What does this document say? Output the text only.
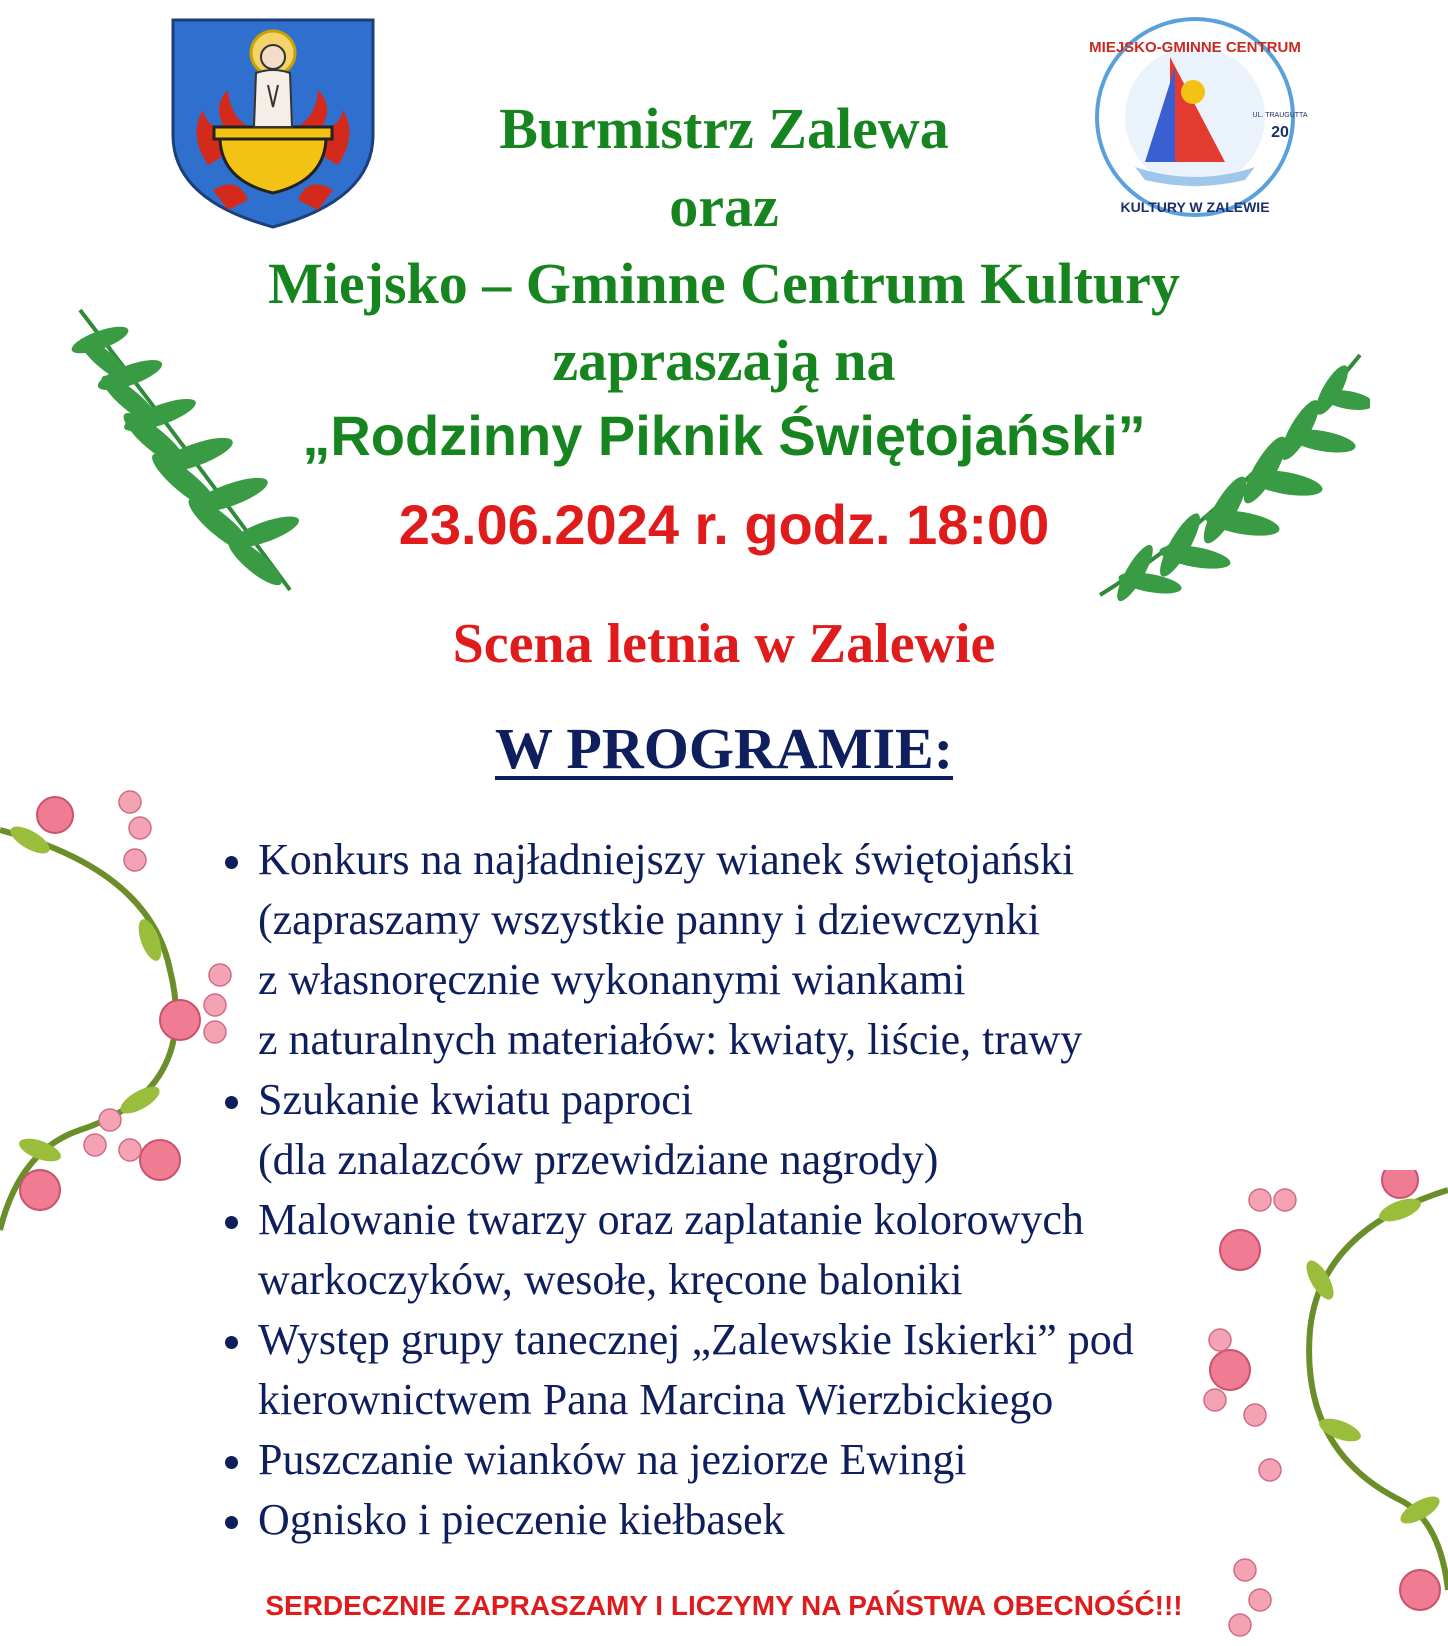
MIEJSKO-GMINNE CENTRUM
KULTURY W ZALEWIE
UL. TRAUGUTTA
20
Burmistrz Zalewa
oraz
Miejsko – Gminne Centrum Kultury
zapraszają na
„Rodzinny Piknik Świętojański”
23.06.2024 r. godz. 18:00
Scena letnia w Zalewie
W PROGRAMIE:
Konkurs na najładniejszy wianek świętojański
(zapraszamy wszystkie panny i dziewczynki
z własnoręcznie wykonanymi wiankami
z naturalnych materiałów: kwiaty, liście, trawy
Szukanie kwiatu paproci
(dla znalazców przewidziane nagrody)
Malowanie twarzy oraz zaplatanie kolorowych
warkoczyków, wesołe, kręcone baloniki
Występ grupy tanecznej „Zalewskie Iskierki” pod
kierownictwem Pana Marcina Wierzbickiego
Puszczanie wianków na jeziorze Ewingi
Ognisko i pieczenie kiełbasek
SERDECZNIE ZAPRASZAMY I LICZYMY NA PAŃSTWA OBECNOŚĆ!!!
